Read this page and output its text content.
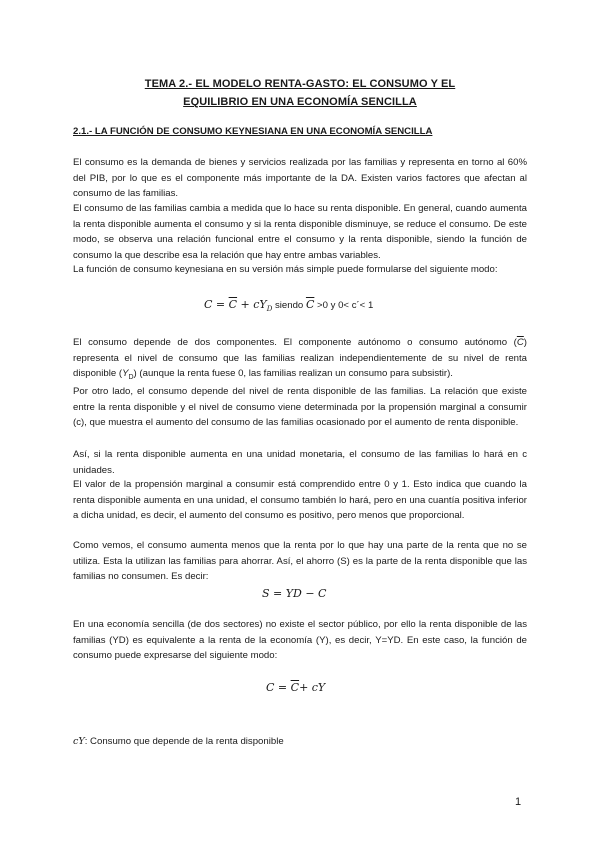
TEMA 2.- EL MODELO RENTA-GASTO: EL CONSUMO Y EL
EQUILIBRIO EN UNA ECONOMÍA SENCILLA
2.1.- LA FUNCIÓN DE CONSUMO KEYNESIANA EN UNA ECONOMÍA SENCILLA

El consumo es la demanda de bienes y servicios realizada por las familias y representa en torno al 60% del PIB, por lo que es el componente más importante de la DA. Existen varios factores que afectan al consumo de las familias.

El consumo de las familias cambia a medida que lo hace su renta disponible. En general, cuando aumenta la renta disponible aumenta el consumo y si la renta disponible disminuye, se reduce el consumo. De este modo, se observa una relación funcional entre el consumo y la renta disponible, siendo la función de consumo la que describe esa la relación que hay entre ambas variables.

La función de consumo keynesiana en su versión más simple puede formularse del siguiente modo:

$C = \overline{C} + cY_D$ siendo $\overline{C} >0$ y 0< c´< 1

El consumo depende de dos componentes. El componente autónomo o consumo autónomo $(\overline{C})$ representa el nivel de consumo que las familias realizan independientemente de su nivel de renta disponible $(Y_D)$ (aunque la renta fuese 0, las familias realizan un consumo para subsistir).

Por otro lado, el consumo depende del nivel de renta disponible de las familias. La relación que existe entre la renta disponible y el nivel de consumo viene determinada por la propensión marginal a consumir (c), que muestra el aumento del consumo de las familias ocasionado por el aumento de renta disponible.

Así, si la renta disponible aumenta en una unidad monetaria, el consumo de las familias lo hará en c unidades.

El valor de la propensión marginal a consumir está comprendido entre 0 y 1. Esto indica que cuando la renta disponible aumenta en una unidad, el consumo también lo hará, pero en una cuantía positiva inferior a dicha unidad, es decir, el aumento del consumo es positivo, pero menos que proporcional.

Como vemos, el consumo aumenta menos que la renta por lo que hay una parte de la renta que no se utiliza. Esta la utilizan las familias para ahorrar. Así, el ahorro (S) es la parte de la renta disponible que las familias no consumen. Es decir:

S = YD − C

En una economía sencilla (de dos sectores) no existe el sector público, por ello la renta disponible de las familias (YD) es equivalente a la renta de la economía (Y), es decir, Y=YD. En este caso, la función de consumo puede expresarse del siguiente modo:

$C = \overline{C}+$ cY

cY: Consumo que depende de la renta disponible

1
